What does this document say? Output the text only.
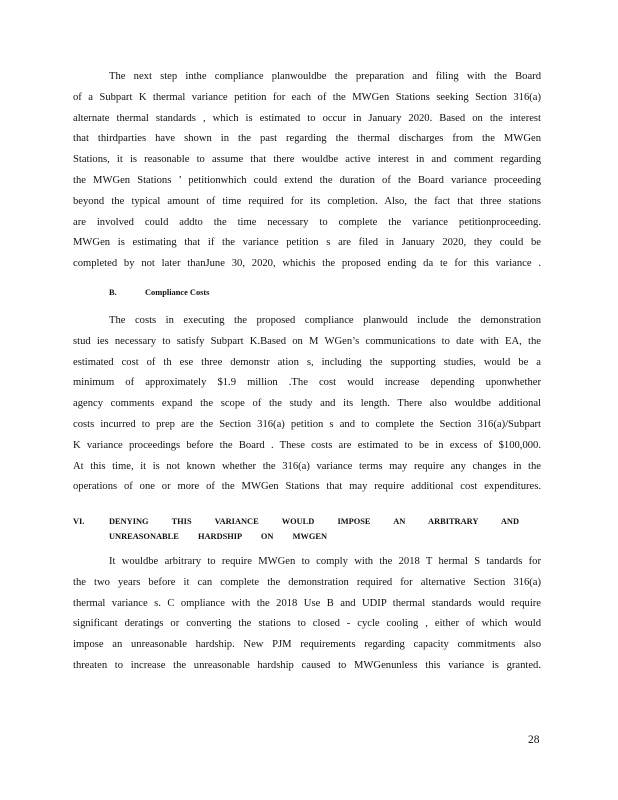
The next step inthe compliance planwouldbe the preparation and filing with the Board
of a Subpart K thermal variance petition for each of the MWGen Stations seeking Section 316(a)
alternate thermal standards , which is estimated to occur in January 2020. Based on the interest
that thirdparties have shown in the past regarding the thermal discharges from the MWGen
Stations, it is reasonable to assume that there wouldbe active interest in and comment regarding
the MWGen Stations ’ petitionwhich could extend the duration of the Board variance proceeding
beyond the typical amount of time required for its completion. Also, the fact that three stations
are involved could addto the time necessary to complete the variance petitionproceeding.
MWGen is estimating that if the variance petition s are filed in January 2020, they could be
completed by not later thanJune 30, 2020, whichis the proposed ending da te for this variance .
B.	Compliance Costs
The costs in executing the proposed compliance planwould include the demonstration
stud ies necessary to satisfy Subpart K.Based on M WGen’s communications to date with EA, the
estimated cost of th ese three demonstr ation s, including the supporting studies, would be a
minimum of approximately $1.9 million .The cost would increase depending uponwhether
agency comments expand the scope of the study and its length. There also wouldbe additional
costs incurred to prep are the Section 316(a) petition s and to complete the Section 316(a)/Subpart
K variance proceedings before the Board . These costs are estimated to be in excess of $100,000.
At this time, it is not known whether the 316(a) variance terms may require any changes in the
operations of one or more of the MWGen Stations that may require additional cost expenditures.
VI.	DENYING THIS VARIANCE WOULD IMPOSE AN ARBITRARY AND
UNREASONABLE HARDSHIP ON MWGEN
It wouldbe arbitrary to require MWGen to comply with the 2018 T hermal S tandards for
the two years before it can complete the demonstration required for alternative Section 316(a)
thermal variance s. C ompliance with the 2018 Use B and UDIP thermal standards would require
significant deratings or converting the stations to closed - cycle cooling , either of which would
impose an unreasonable hardship. New PJM requirements regarding capacity commitments also
threaten to increase the unreasonable hardship caused to MWGenunless this variance is granted.
28
